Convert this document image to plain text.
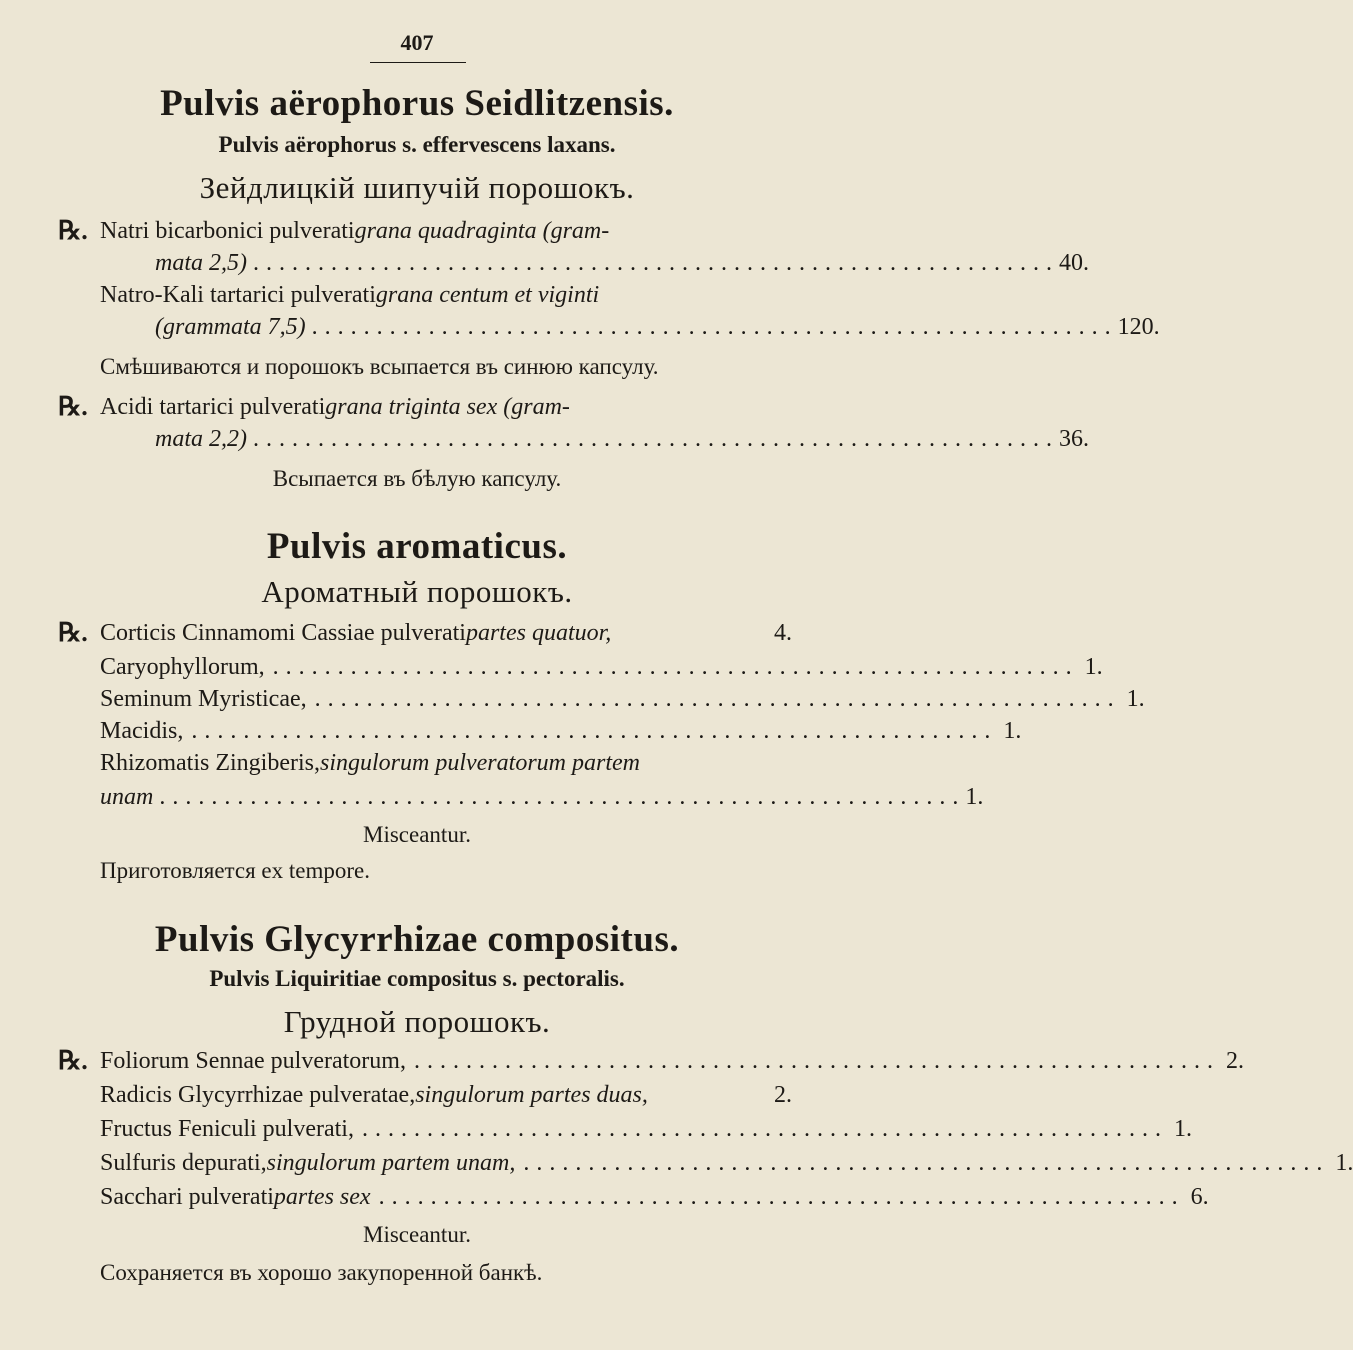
407
Pulvis aërophorus Seidlitzensis.
Pulvis aërophorus s. effervescens laxans.
Зейдлицкiй шипучiй порошокъ.
℞. Natri bicarbonici pulverati grana quadraginta (gram-
mata 2,5) .............................................................. 40.
Natro-Kali tartarici pulverati grana centum et viginti
(grammata 7,5) .............................................................. 120.
Смѣшиваются и порошокъ всыпается въ синюю капсулу.
℞. Acidi tartarici pulverati grana triginta sex (gram-
mata 2,2) .............................................................. 36.
Всыпается въ бѣлую капсулу.
Pulvis aromaticus.
Ароматный порошокъ.
℞. Corticis Cinnamomi Cassiae pulverati partes quatuor,	4.
Caryophyllorum, .............................................................. 1.
Seminum Myristicae, .............................................................. 1.
Macidis, .............................................................. 1.
Rhizomatis Zingiberis, singulorum pulveratorum partem
unam .............................................................. 1.
Misceantur.
Приготовляется ex tempore.
Pulvis Glycyrrhizae compositus.
Pulvis Liquiritiae compositus s. pectoralis.
Грудной порошокъ.
℞. Foliorum Sennae pulveratorum, .............................................................. 2.
Radicis Glycyrrhizae pulveratae, singulorum partes duas,	2.
Fructus Feniculi pulverati, .............................................................. 1.
Sulfuris depurati, singulorum partem unam, .............................................................. 1.
Sacchari pulverati partes sex .............................................................. 6.
Misceantur.
Сохраняется въ хорошо закупоренной банкѣ.
